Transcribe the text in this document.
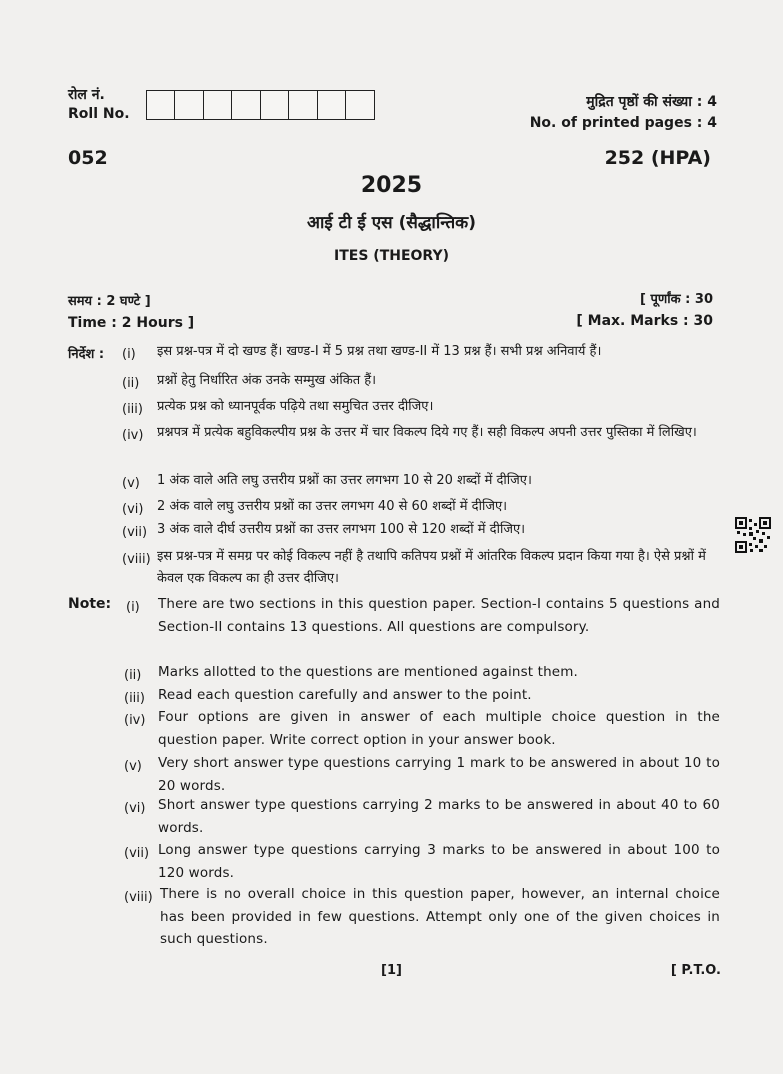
रोल नं.
Roll No.
मुद्रित पृष्ठों की संख्या : 4
No. of printed pages : 4
052	252 (HPA)
2025
आई टी ई एस (सैद्धान्तिक)
ITES (THEORY)
समय : 2 घण्टे ]
Time : 2 Hours ]
[ पूर्णांक : 30
[ Max. Marks : 30
निर्देश : (i) इस प्रश्न-पत्र में दो खण्ड हैं। खण्ड-I में 5 प्रश्न तथा खण्ड-II में 13 प्रश्न हैं। सभी प्रश्न अनिवार्य हैं।
(ii) प्रश्नों हेतु निर्धारित अंक उनके सम्मुख अंकित हैं।
(iii) प्रत्येक प्रश्न को ध्यानपूर्वक पढ़िये तथा समुचित उत्तर दीजिए।
(iv) प्रश्नपत्र में प्रत्येक बहुविकल्पीय प्रश्न के उत्तर में चार विकल्प दिये गए हैं। सही विकल्प अपनी उत्तर पुस्तिका में लिखिए।
(v) 1 अंक वाले अति लघु उत्तरीय प्रश्नों का उत्तर लगभग 10 से 20 शब्दों में दीजिए।
(vi) 2 अंक वाले लघु उत्तरीय प्रश्नों का उत्तर लगभग 40 से 60 शब्दों में दीजिए।
(vii) 3 अंक वाले दीर्घ उत्तरीय प्रश्नों का उत्तर लगभग 100 से 120 शब्दों में दीजिए।
(viii) इस प्रश्न-पत्र में समग्र पर कोई विकल्प नहीं है तथापि कतिपय प्रश्नों में आंतरिक विकल्प प्रदान किया गया है। ऐसे प्रश्नों में केवल एक विकल्प का ही उत्तर दीजिए।
Note: (i) There are two sections in this question paper. Section-I contains 5 questions and Section-II contains 13 questions. All questions are compulsory.
(ii) Marks allotted to the questions are mentioned against them.
(iii) Read each question carefully and answer to the point.
(iv) Four options are given in answer of each multiple choice question in the question paper. Write correct option in your answer book.
(v) Very short answer type questions carrying 1 mark to be answered in about 10 to 20 words.
(vi) Short answer type questions carrying 2 marks to be answered in about 40 to 60 words.
(vii) Long answer type questions carrying 3 marks to be answered in about 100 to 120 words.
(viii) There is no overall choice in this question paper, however, an internal choice has been provided in few questions. Attempt only one of the given choices in such questions.
[1]	[ P.T.O.
